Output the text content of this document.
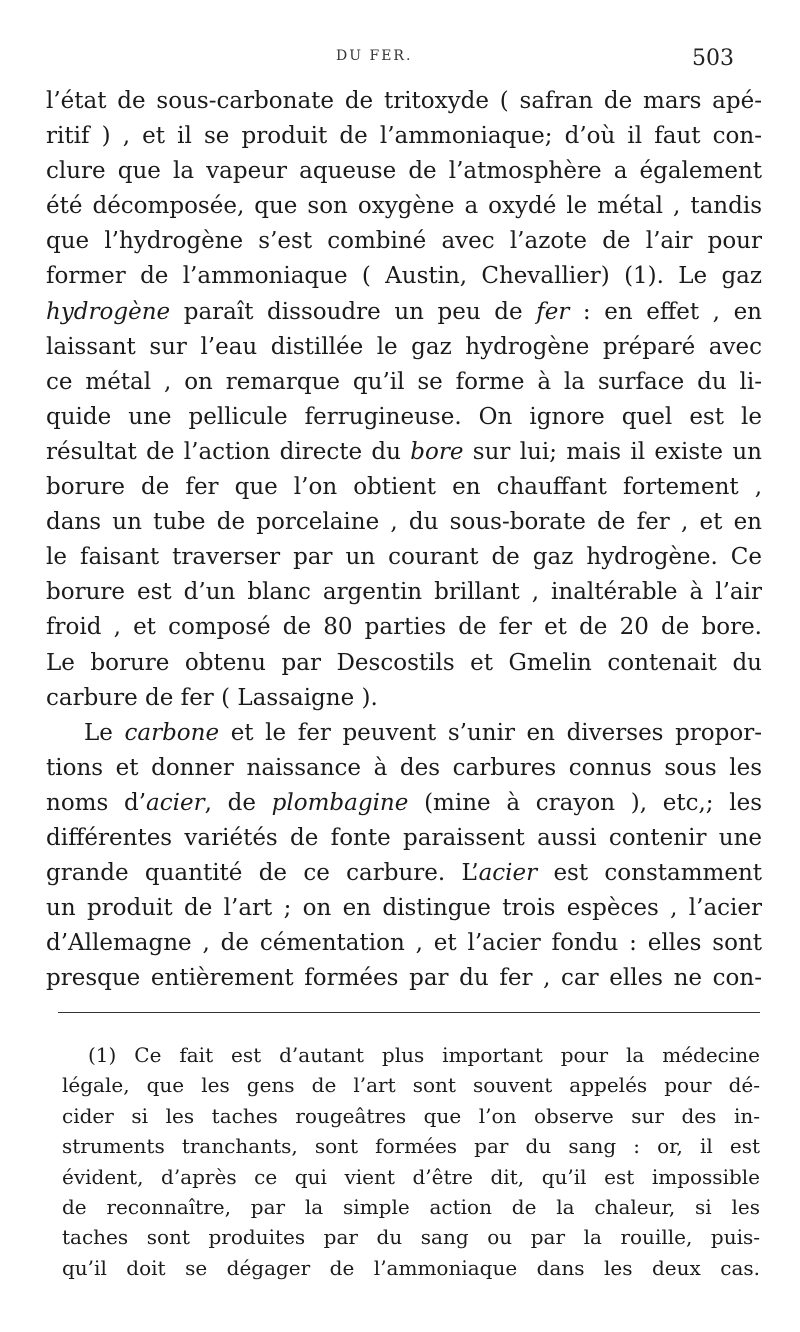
DU FER.	503
l’état de sous-carbonate de tritoxyde ( safran de mars apé-
ritif ) , et il se produit de l’ammoniaque; d’où il faut con-
clure que la vapeur aqueuse de l’atmosphère a également
été décomposée, que son oxygène a oxydé le métal , tandis
que l’hydrogène s’est combiné avec l’azote de l’air pour
former de l’ammoniaque ( Austin, Chevallier) (1). Le gaz
hydrogène paraît dissoudre un peu de fer : en effet , en
laissant sur l’eau distillée le gaz hydrogène préparé avec
ce métal , on remarque qu’il se forme à la surface du li-
quide une pellicule ferrugineuse. On ignore quel est le
résultat de l’action directe du bore sur lui; mais il existe un
borure de fer que l’on obtient en chauffant fortement ,
dans un tube de porcelaine , du sous-borate de fer , et en
le faisant traverser par un courant de gaz hydrogène. Ce
borure est d’un blanc argentin brillant , inaltérable à l’air
froid , et composé de 80 parties de fer et de 20 de bore.
Le borure obtenu par Descostils et Gmelin contenait du
carbure de fer ( Lassaigne ).
Le carbone et le fer peuvent s’unir en diverses propor-
tions et donner naissance à des carbures connus sous les
noms d’acier, de plombagine (mine à crayon ), etc,; les
différentes variétés de fonte paraissent aussi contenir une
grande quantité de ce carbure. L’acier est constamment
un produit de l’art ; on en distingue trois espèces , l’acier
d’Allemagne , de cémentation , et l’acier fondu : elles sont
presque entièrement formées par du fer , car elles ne con-
(1) Ce fait est d’autant plus important pour la médecine
légale, que les gens de l’art sont souvent appelés pour dé-
cider si les taches rougeâtres que l’on observe sur des in-
struments tranchants, sont formées par du sang : or, il est
évident, d’après ce qui vient d’être dit, qu’il est impossible
de reconnaître, par la simple action de la chaleur, si les
taches sont produites par du sang ou par la rouille, puis-
qu’il doit se dégager de l’ammoniaque dans les deux cas.
